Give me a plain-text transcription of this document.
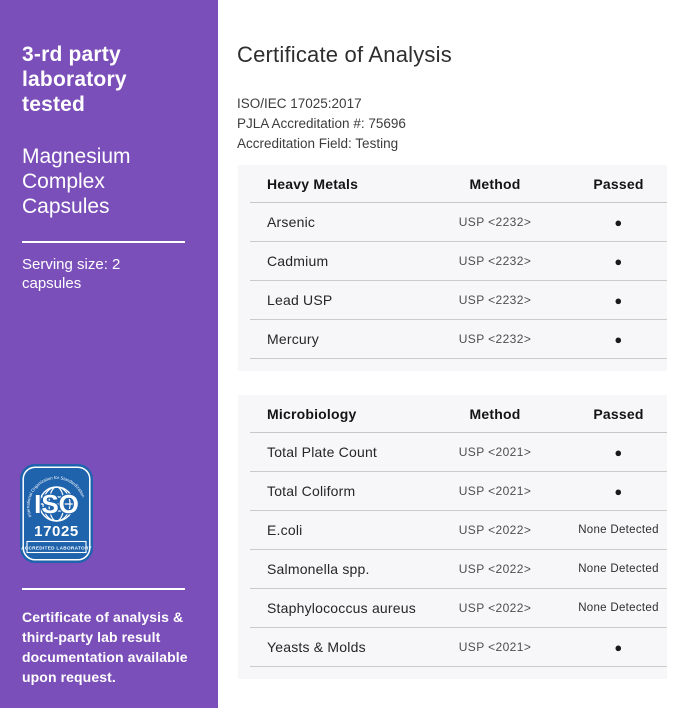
3-rd party laboratory tested
Magnesium Complex Capsules
Serving size: 2 capsules
International Organization for Standardization
ISO
17025
ACCREDITED LABORATORY

Certificate of analysis & third-party lab result documentation available upon request.

Certificate of Analysis
ISO/IEC 17025:2017
PJLA Accreditation #: 75696
Accreditation Field: Testing
Heavy Metals	Method	Passed
Arsenic	USP <2232>	●
Cadmium	USP <2232>	●
Lead USP	USP <2232>	●
Mercury	USP <2232>	●
Microbiology	Method	Passed
Total Plate Count	USP <2021>	●
Total Coliform	USP <2021>	●
E.coli	USP <2022>	None Detected
Salmonella spp.	USP <2022>	None Detected
Staphylococcus aureus	USP <2022>	None Detected
Yeasts & Molds	USP <2021>	●
